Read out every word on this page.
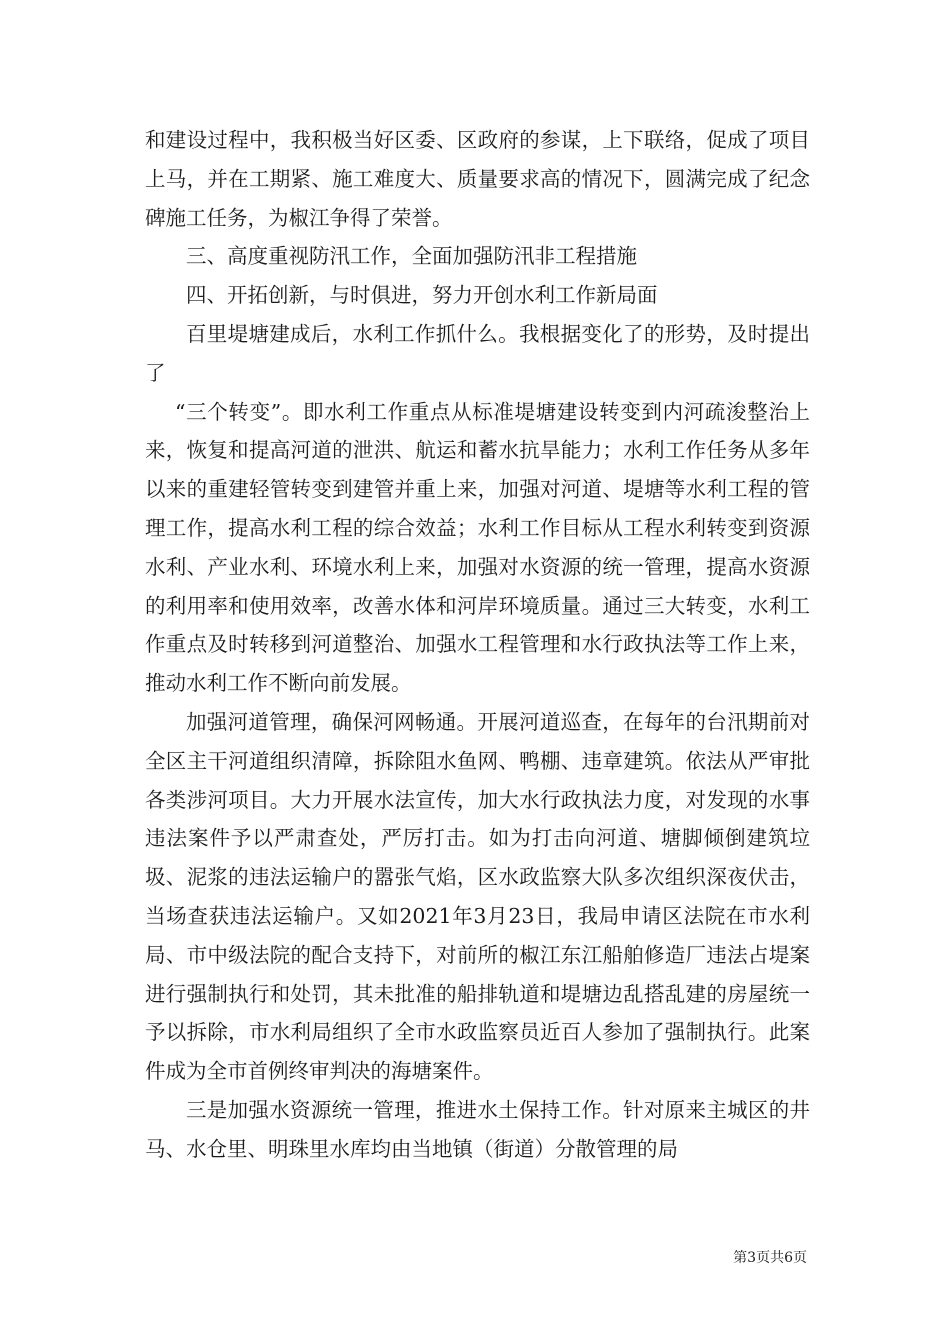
和建设过程中，我积极当好区委、区政府的参谋，上下联络，促成了项目上马，并在工期紧、施工难度大、质量要求高的情况下，圆满完成了纪念碑施工任务，为椒江争得了荣誉。

三、高度重视防汛工作，全面加强防汛非工程措施

四、开拓创新，与时俱进，努力开创水利工作新局面

百里堤塘建成后，水利工作抓什么。我根据变化了的形势，及时提出了

“三个转变”。即水利工作重点从标准堤塘建设转变到内河疏浚整治上来，恢复和提高河道的泄洪、航运和蓄水抗旱能力；水利工作任务从多年以来的重建轻管转变到建管并重上来，加强对河道、堤塘等水利工程的管理工作，提高水利工程的综合效益；水利工作目标从工程水利转变到资源水利、产业水利、环境水利上来，加强对水资源的统一管理，提高水资源的利用率和使用效率，改善水体和河岸环境质量。通过三大转变，水利工作重点及时转移到河道整治、加强水工程管理和水行政执法等工作上来，推动水利工作不断向前发展。

加强河道管理，确保河网畅通。开展河道巡查，在每年的台汛期前对全区主干河道组织清障，拆除阻水鱼网、鸭棚、违章建筑。依法从严审批各类涉河项目。大力开展水法宣传，加大水行政执法力度，对发现的水事违法案件予以严肃查处，严厉打击。如为打击向河道、塘脚倾倒建筑垃圾、泥浆的违法运输户的嚣张气焰，区水政监察大队多次组织深夜伏击，当场查获违法运输户。又如2021年3月23日，我局申请区法院在市水利局、市中级法院的配合支持下，对前所的椒江东江船舶修造厂违法占堤案进行强制执行和处罚，其未批准的船排轨道和堤塘边乱搭乱建的房屋统一予以拆除，市水利局组织了全市水政监察员近百人参加了强制执行。此案件成为全市首例终审判决的海塘案件。

三是加强水资源统一管理，推进水土保持工作。针对原来主城区的井马、水仓里、明珠里水库均由当地镇（街道）分散管理的局

第3页共6页
